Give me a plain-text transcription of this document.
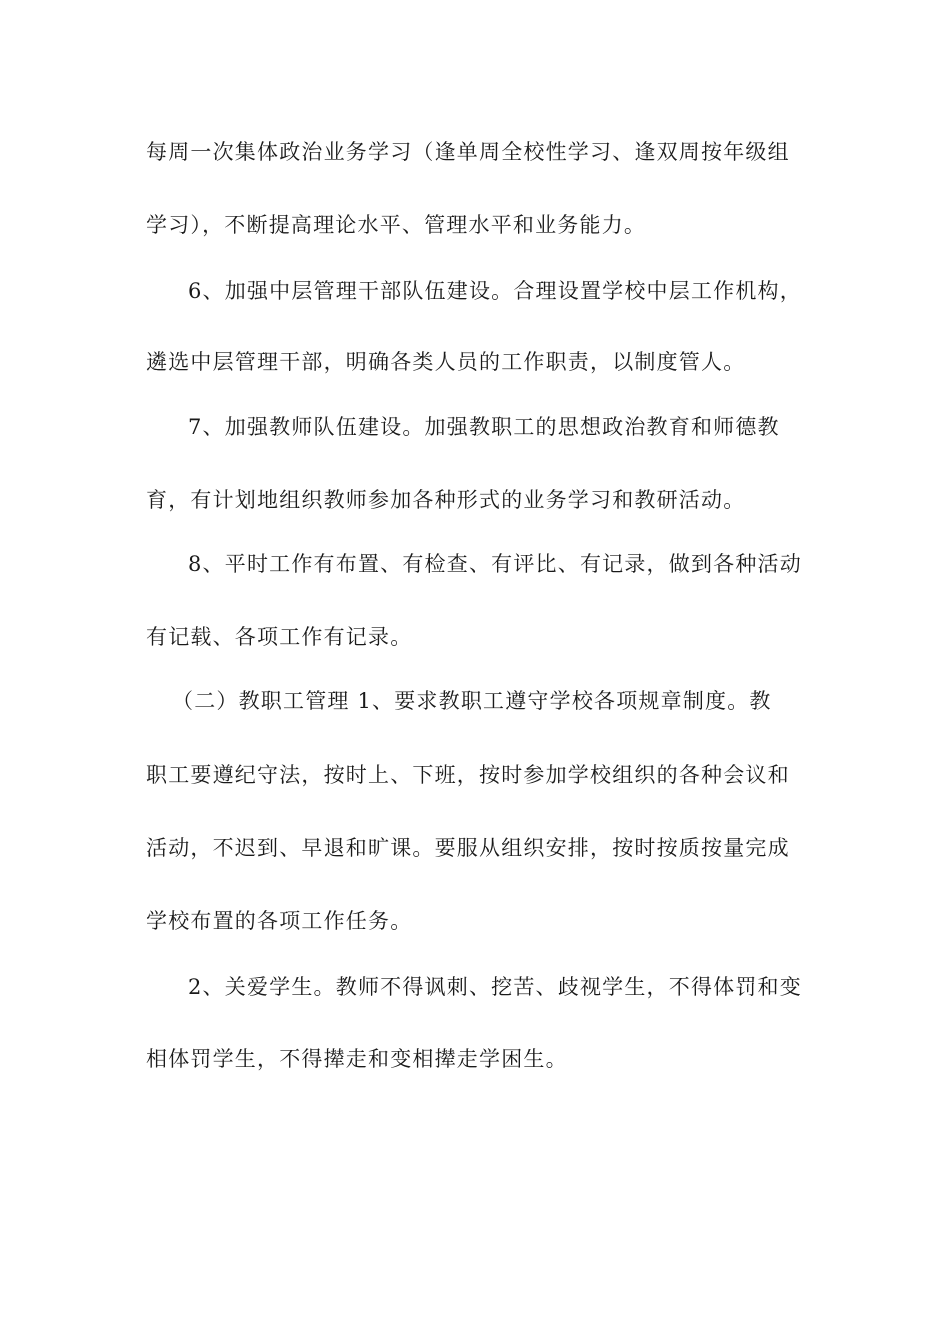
每周一次集体政治业务学习（逢单周全校性学习、逢双周按年级组
学习），不断提高理论水平、管理水平和业务能力。
6、加强中层管理干部队伍建设。合理设置学校中层工作机构，
遴选中层管理干部，明确各类人员的工作职责，以制度管人。
7、加强教师队伍建设。加强教职工的思想政治教育和师德教
育，有计划地组织教师参加各种形式的业务学习和教研活动。
8、平时工作有布置、有检查、有评比、有记录，做到各种活动
有记载、各项工作有记录。
（二）教职工管理 1、要求教职工遵守学校各项规章制度。教
职工要遵纪守法，按时上、下班，按时参加学校组织的各种会议和
活动，不迟到、早退和旷课。要服从组织安排，按时按质按量完成
学校布置的各项工作任务。
2、关爱学生。教师不得讽刺、挖苦、歧视学生，不得体罚和变
相体罚学生，不得撵走和变相撵走学困生。
